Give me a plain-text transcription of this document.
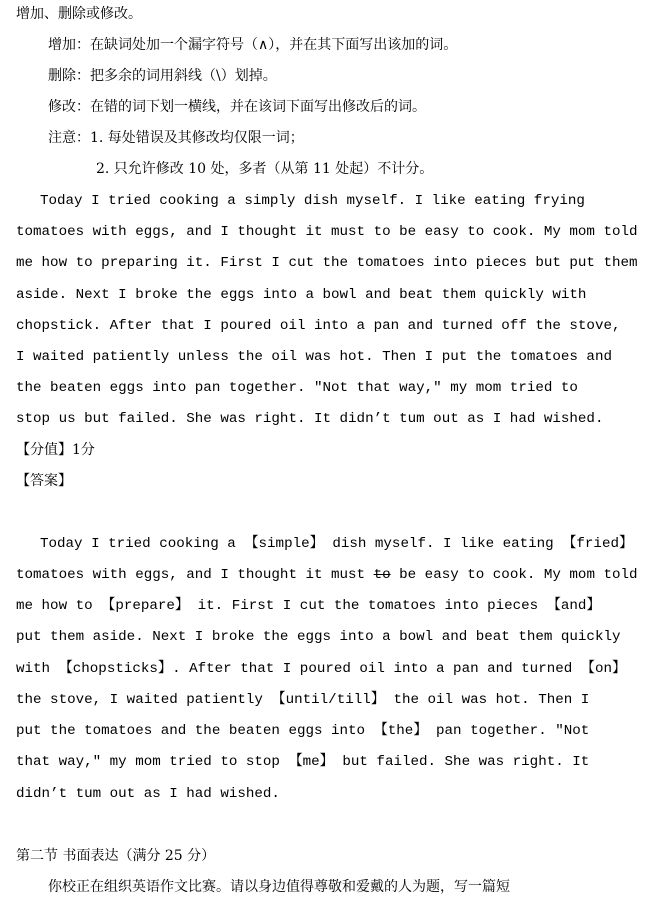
增加、删除或修改。
增加：在缺词处加一个漏字符号（∧），并在其下面写出该加的词。
删除：把多余的词用斜线（\）划掉。
修改：在错的词下划一横线，并在该词下面写出修改后的词。
注意：1. 每处错误及其修改均仅限一词；
2. 只允许修改 10 处，多者（从第 11 处起）不计分。
Today I tried cooking a simply dish myself. I like eating frying
tomatoes with eggs, and I thought it must to be easy to cook. My mom told
me how to preparing it. First I cut the tomatoes into pieces but put them
aside. Next I broke the eggs into a bowl and beat them quickly with
chopstick. After that I poured oil into a pan and turned off the stove,
I waited patiently unless the oil was hot. Then I put the tomatoes and
the beaten eggs into pan together. "Not that way," my mom tried to
stop us but failed. She was right. It didn’t tum out as I had wished.
【分值】1分
【答案】
Today I tried cooking a 【simple】 dish myself. I like eating 【fried】
tomatoes with eggs, and I thought it must to be easy to cook. My mom told
me how to 【prepare】 it. First I cut the tomatoes into pieces 【and】
put them aside. Next I broke the eggs into a bowl and beat them quickly
with 【chopsticks】. After that I poured oil into a pan and turned 【on】
the stove, I waited patiently 【until/till】 the oil was hot. Then I
put the tomatoes and the beaten eggs into 【the】 pan together. "Not
that way," my mom tried to stop 【me】 but failed. She was right. It
didn’t tum out as I had wished.
第二节 书面表达（满分 25 分）
你校正在组织英语作文比赛。请以身边值得尊敬和爱戴的人为题，写一篇短
